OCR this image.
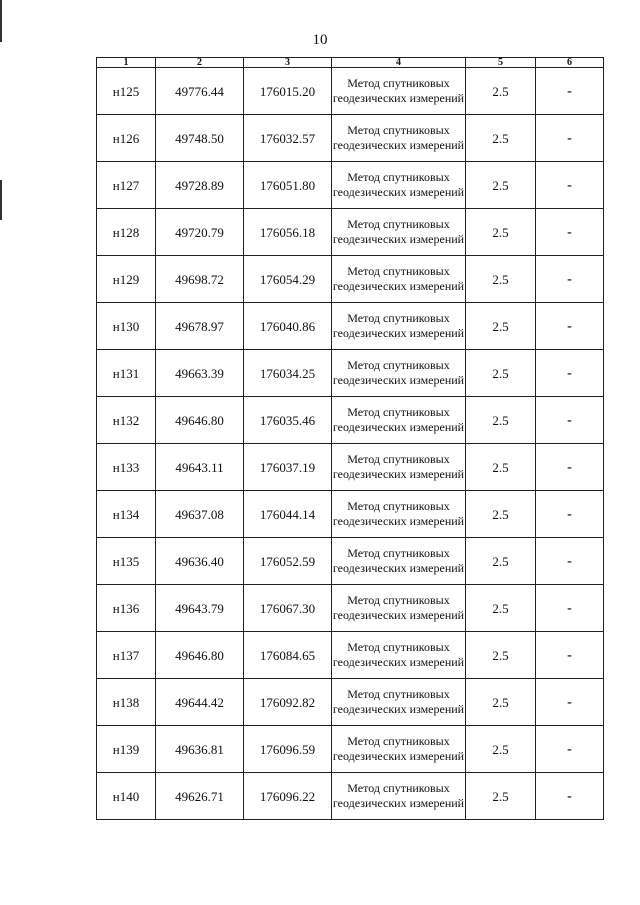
10
1	2	3	4	5	6
н125	49776.44	176015.20	Метод спутниковых геодезических измерений	2.5	-
н126	49748.50	176032.57	Метод спутниковых геодезических измерений	2.5	-
н127	49728.89	176051.80	Метод спутниковых геодезических измерений	2.5	-
н128	49720.79	176056.18	Метод спутниковых геодезических измерений	2.5	-
н129	49698.72	176054.29	Метод спутниковых геодезических измерений	2.5	-
н130	49678.97	176040.86	Метод спутниковых геодезических измерений	2.5	-
н131	49663.39	176034.25	Метод спутниковых геодезических измерений	2.5	-
н132	49646.80	176035.46	Метод спутниковых геодезических измерений	2.5	-
н133	49643.11	176037.19	Метод спутниковых геодезических измерений	2.5	-
н134	49637.08	176044.14	Метод спутниковых геодезических измерений	2.5	-
н135	49636.40	176052.59	Метод спутниковых геодезических измерений	2.5	-
н136	49643.79	176067.30	Метод спутниковых геодезических измерений	2.5	-
н137	49646.80	176084.65	Метод спутниковых геодезических измерений	2.5	-
н138	49644.42	176092.82	Метод спутниковых геодезических измерений	2.5	-
н139	49636.81	176096.59	Метод спутниковых геодезических измерений	2.5	-
н140	49626.71	176096.22	Метод спутниковых геодезических измерений	2.5	-
